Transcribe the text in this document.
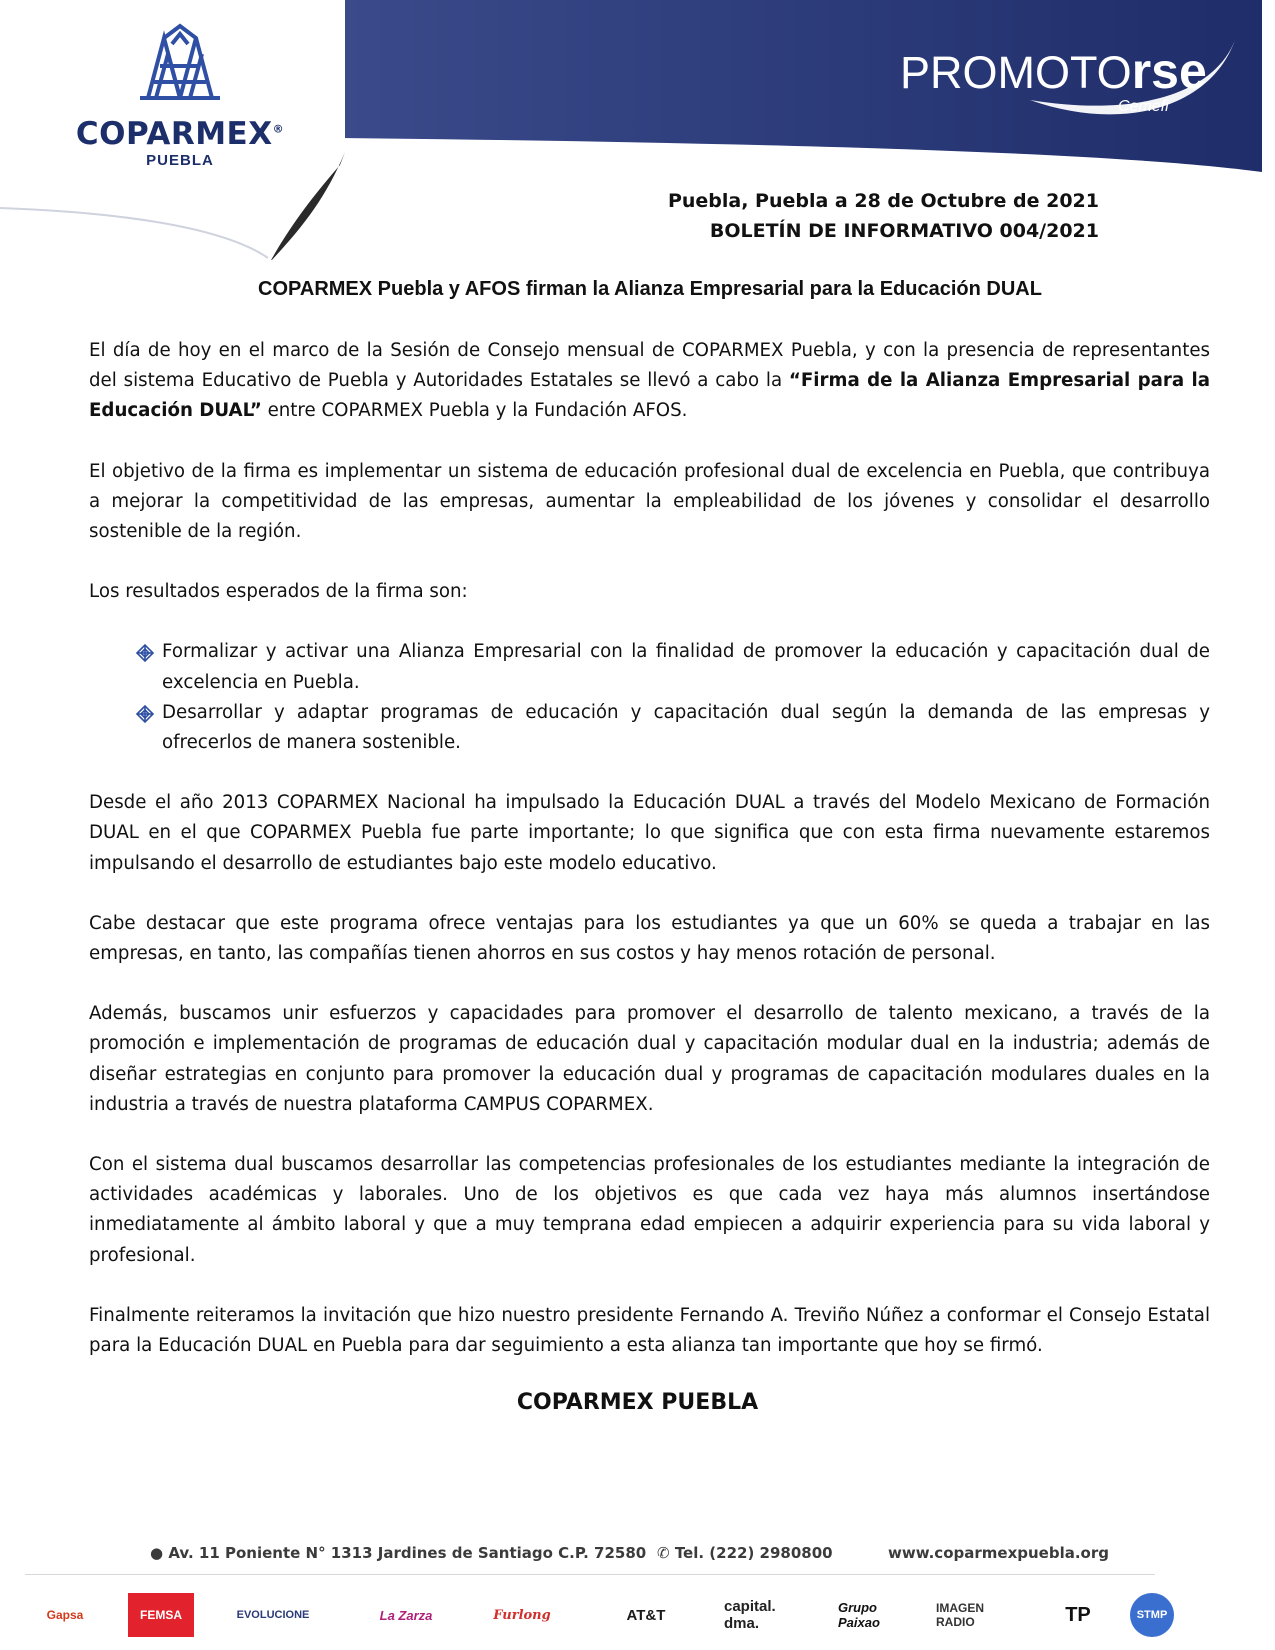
COPARMEX®
PUEBLA
PROMOTOrse
Cemefi
Puebla, Puebla a 28 de Octubre de 2021
BOLETÍN DE INFORMATIVO 004/2021
COPARMEX Puebla y AFOS firman la Alianza Empresarial para la Educación DUAL

El día de hoy en el marco de la Sesión de Consejo mensual de COPARMEX Puebla, y con la presencia de representantes del sistema Educativo de Puebla y Autoridades Estatales se llevó a cabo la “Firma de la Alianza Empresarial para la Educación DUAL” entre COPARMEX Puebla y la Fundación AFOS.

El objetivo de la firma es implementar un sistema de educación profesional dual de excelencia en Puebla, que contribuya a mejorar la competitividad de las empresas, aumentar la empleabilidad de los jóvenes y consolidar el desarrollo sostenible de la región.

Los resultados esperados de la firma son:

Formalizar y activar una Alianza Empresarial con la finalidad de promover la educación y capacitación dual de excelencia en Puebla.
Desarrollar y adaptar programas de educación y capacitación dual según la demanda de las empresas y ofrecerlos de manera sostenible.

Desde el año 2013 COPARMEX Nacional ha impulsado la Educación DUAL a través del Modelo Mexicano de Formación DUAL en el que COPARMEX Puebla fue parte importante; lo que significa que con esta firma nuevamente estaremos impulsando el desarrollo de estudiantes bajo este modelo educativo.

Cabe destacar que este programa ofrece ventajas para los estudiantes ya que un 60% se queda a trabajar en las empresas, en tanto, las compañías tienen ahorros en sus costos y hay menos rotación de personal.

Además, buscamos unir esfuerzos y capacidades para promover el desarrollo de talento mexicano, a través de la promoción e implementación de programas de educación dual y capacitación modular dual en la industria; además de diseñar estrategias en conjunto para promover la educación dual y programas de capacitación modulares duales en la industria a través de nuestra plataforma CAMPUS COPARMEX.

Con el sistema dual buscamos desarrollar las competencias profesionales de los estudiantes mediante la integración de actividades académicas y laborales. Uno de los objetivos es que cada vez haya más alumnos insertándose inmediatamente al ámbito laboral y que a muy temprana edad empiecen a adquirir experiencia para su vida laboral y profesional.

Finalmente reiteramos la invitación que hizo nuestro presidente Fernando A. Treviño Núñez a conformar el Consejo Estatal para la Educación DUAL en Puebla para dar seguimiento a esta alianza tan importante que hoy se firmó.

COPARMEX PUEBLA
● Av. 11 Poniente N° 1313 Jardines de Santiago C.P. 72580 ✆ Tel. (222) 2980800	www.coparmexpuebla.org
Gapsa	FEMSA	EVOLUCIONE	La Zarza	Furlong	AT&T	capital. dma.
Grupo Paixao
IMAGEN RADIO	TP	STMP
